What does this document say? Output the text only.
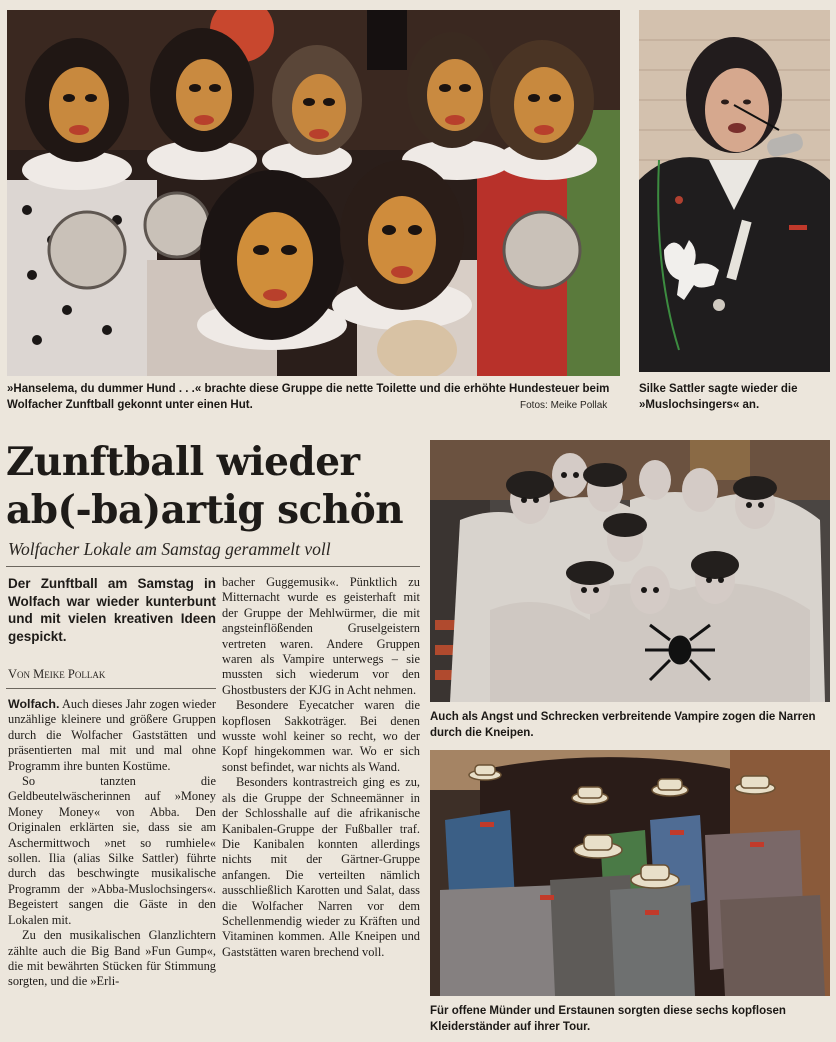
»Hanselema, du dummer Hund . . .« brachte diese Gruppe die nette Toilette und die erhöhte Hundesteuer beim Wolfacher Zunftball gekonnt unter einen Hut.	Fotos: Meike Pollak
Silke Sattler sagte wieder die »Muslochsingers« an.
Zunftball wieder ab(-ba)artig schön
Wolfacher Lokale am Samstag gerammelt voll
Der Zunftball am Samstag in Wolfach war wieder kunterbunt und mit vielen kreativen Ideen gespickt.
Von Meike Pollak

Wolfach. Auch dieses Jahr zogen wieder unzählige kleinere und größere Gruppen durch die Wolfacher Gaststätten und präsentierten mal mit und mal ohne Programm ihre bunten Kostüme.

So tanzten die Geldbeutelwäscherinnen auf »Money Money Money« von Abba. Den Originalen erklärten sie, dass sie am Aschermittwoch »net so rumhiele« sollen. Ilia (alias Silke Sattler) führte durch das beschwingte musikalische Programm der »Abba-Muslochsingers«. Begeistert sangen die Gäste in den Lokalen mit.

Zu den musikalischen Glanzlichtern zählte auch die Big Band »Fun Gump«, die mit bewährten Stücken für Stimmung sorgten, und die »Erli-

bacher Guggemusik«. Pünktlich zu Mitternacht wurde es geisterhaft mit der Gruppe der Mehlwürmer, die mit angsteinflößenden Gruselgeistern vertreten waren. Andere Gruppen waren als Vampire unterwegs – sie mussten sich wiederum vor den Ghostbusters der KJG in Acht nehmen.

Besondere Eyecatcher waren die kopflosen Sakkoträger. Bei denen wusste wohl keiner so recht, wo der Kopf hingekommen war. Wo er sich sonst befindet, war nichts als Wand.

Besonders kontrastreich ging es zu, als die Gruppe der Schneemänner in der Schlosshalle auf die afrikanische Kanibalen-Gruppe der Fußballer traf. Die Kanibalen konnten allerdings nichts mit der Gärtner-Gruppe anfangen. Die verteilten nämlich ausschließlich Karotten und Salat, dass die Wolfacher Narren vor dem Schellenmendig wieder zu Kräften und Vitaminen kommen. Alle Kneipen und Gaststätten waren brechend voll.

Auch als Angst und Schrecken verbreitende Vampire zogen die Narren durch die Kneipen.
Für offene Münder und Erstaunen sorgten diese sechs kopflosen Kleiderständer auf ihrer Tour.
